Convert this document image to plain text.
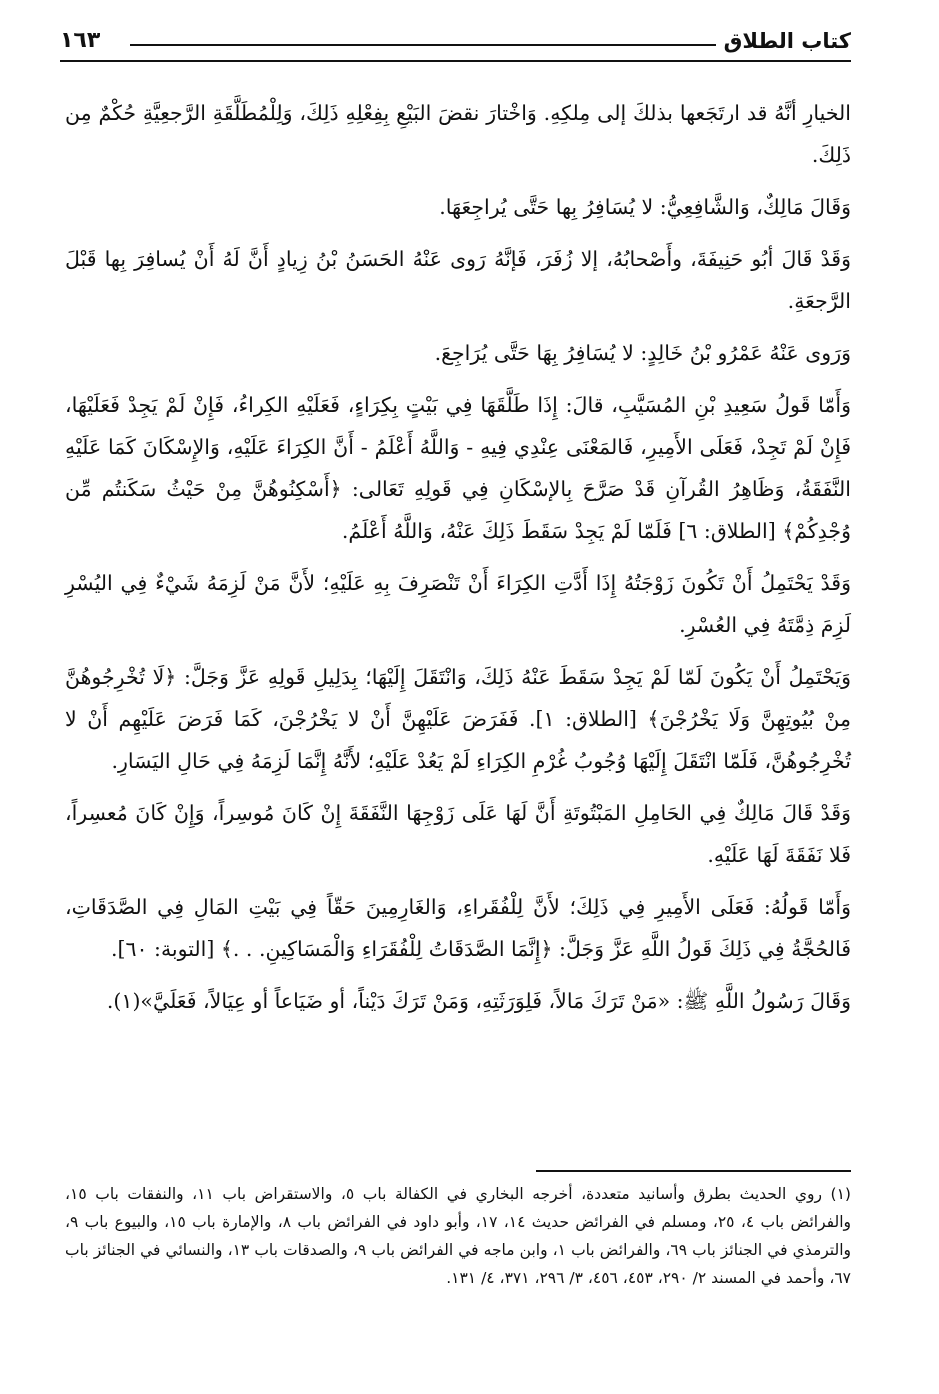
كتاب الطلاق
١٦٣

الخيارِ أنَّهُ قد ارتَجَعها بذلكَ إلى مِلكِهِ. وَاخْتارَ نقضَ البَيْعِ بِفِعْلِهِ ذَلِكَ، وَلِلْمُطَلَّقَةِ الرَّجعِيَّةِ حُكْمٌ مِن ذَلِكَ.

وَقَالَ مَالِكٌ، وَالشَّافِعِيُّ: لا يُسَافِرُ بِها حَتَّى يُراجِعَهَا.

وَقَدْ قَالَ أبُو حَنِيفَةَ، وأَصْحابُهُ، إلا زُفَرَ، فَإنَّهُ رَوى عَنْهُ الحَسَنُ بْنُ زِيادٍ أَنَّ لَهُ أَنْ يُسافِرَ بِها قَبْلَ الرَّجعَةِ.

وَرَوى عَنْهُ عَمْرُو بْنُ خَالِدٍ: لا يُسَافِرُ بِهَا حَتَّى يُرَاجِعَ.

وَأَمّا قَولُ سَعِيدِ بْنِ المُسَيَّبِ، قالَ: إِذَا طَلَّقَهَا فِي بَيْتٍ بِكِرَاءٍ، فَعَلَيْهِ الكِراءُ، فَإِنْ لَمْ يَجِدْ فَعَلَيْهَا، فَإِنْ لَمْ تَجِدْ، فَعَلَى الأَمِيرِ، فَالمَعْنَى عِنْدِي فِيهِ - وَاللَّهُ أَعْلَمُ - أَنَّ الكِرَاءَ عَلَيْهِ، وَالإِسْكَانَ كَمَا عَلَيْهِ النَّفَقَةُ، وَظَاهِرُ القُرآنِ قَدْ صَرَّحَ بِالإسْكَانِ فِي قَولِهِ تَعَالى: ﴿أَسْكِنُوهُنَّ مِنْ حَيْثُ سَكَنتُم مِّن وُجْدِكُمْ﴾ [الطلاق: ٦] فَلَمّا لَمْ يَجِدْ سَقَطَ ذَلِكَ عَنْهُ، وَاللَّهُ أَعْلَمُ.

وَقَدْ يَحْتَمِلُ أَنْ تَكُونَ زَوْجَتُهُ إِذَا أَدَّتِ الكِرَاءَ أَنْ تَنْصَرِفَ بِهِ عَلَيْهِ؛ لأَنَّ مَنْ لَزِمَهُ شَيْءٌ فِي اليُسْرِ لَزِمَ ذِمَّتَهُ فِي العُسْرِ.

وَيَحْتَمِلُ أَنْ يَكُونَ لَمّا لَمْ يَجِدْ سَقَطَ عَنْهُ ذَلِكَ، وَانْتَقَلَ إِلَيْهَا؛ بِدَلِيلِ قَولِهِ عَزَّ وَجَلَّ: ﴿لَا تُخْرِجُوهُنَّ مِنْ بُيُوتِهِنَّ وَلَا يَخْرُجْنَ﴾ [الطلاق: ١]. فَفَرَضَ عَلَيْهِنَّ أَنْ لا يَخْرُجْنَ، كَمَا فَرَضَ عَلَيْهِم أَنْ لا تُخْرِجُوهُنَّ، فَلَمّا انْتَقَلَ إِلَيْهَا وُجُوبُ غُرْمِ الكِرَاءِ لَمْ يَعُدْ عَلَيْهِ؛ لأَنَّهُ إِنَّمَا لَزِمَهُ فِي حَالِ اليَسَارِ.

وَقَدْ قَالَ مَالِكٌ فِي الحَامِلِ المَبْتُوتَةِ أَنَّ لَهَا عَلَى زَوْجِهَا النَّفَقَةَ إِنْ كَانَ مُوسِراً، وَإِنْ كَانَ مُعسِراً، فَلا نَفَقَةَ لَهَا عَلَيْهِ.

وَأَمّا قَولُهُ: فَعَلَى الأَمِيرِ فِي ذَلِكَ؛ لأَنَّ لِلْفُقَراءِ، وَالغَارِمِينَ حَقّاً فِي بَيْتِ المَالِ فِي الصَّدَقَاتِ، فَالحُجَّةُ فِي ذَلِكَ قَولُ اللَّهِ عَزَّ وَجَلَّ: ﴿إِنَّمَا الصَّدَقَاتُ لِلْفُقَرَاءِ وَالْمَسَاكِينِ. . .﴾ [التوبة: ٦٠].

وَقَالَ رَسُولُ اللَّهِ ﷺ: «مَنْ تَرَكَ مَالاً، فَلِوَرَثَتِهِ، وَمَنْ تَرَكَ دَيْناً، أو ضَيَاعاً أو عِيَالاً، فَعَلَيَّ»(١).

(١) روي الحديث بطرق وأسانيد متعددة، أخرجه البخاري في الكفالة باب ٥، والاستقراض باب ١١، والنفقات باب ١٥، والفرائض باب ٤، ٢٥، ومسلم في الفرائض حديث ١٤، ١٧، وأبو داود في الفرائض باب ٨، والإمارة باب ١٥، والبيوع باب ٩، والترمذي في الجنائز باب ٦٩، والفرائض باب ١، وابن ماجه في الفرائض باب ٩، والصدقات باب ١٣، والنسائي في الجنائز باب ٦٧، وأحمد في المسند ٢/ ٢٩٠، ٤٥٣، ٤٥٦، ٣/ ٢٩٦، ٣٧١، ٤/ ١٣١.
